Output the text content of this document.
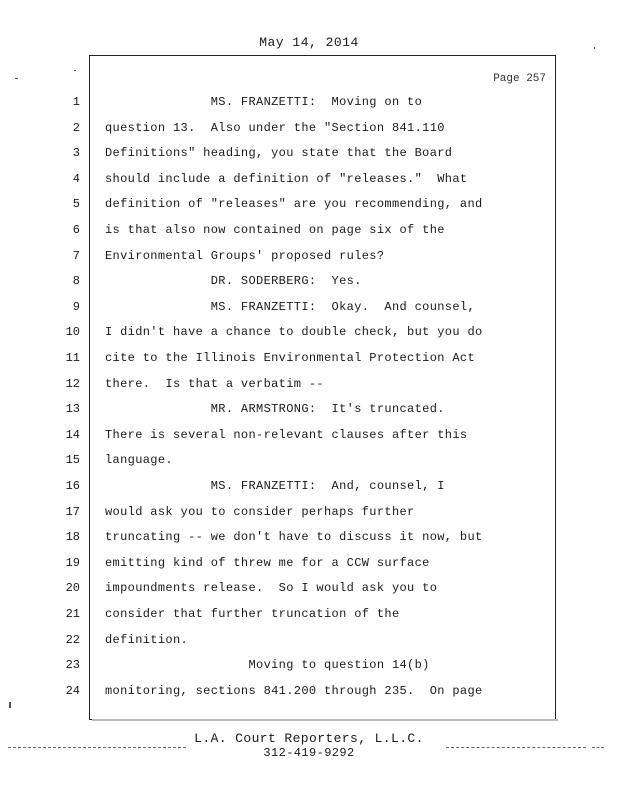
May 14, 2014
Page 257
1 MS. FRANZETTI:  Moving on to
2 question 13.  Also under the "Section 841.110
3 Definitions" heading, you state that the Board
4 should include a definition of "releases."  What
5 definition of "releases" are you recommending, and
6 is that also now contained on page six of the
7 Environmental Groups' proposed rules?
8 DR. SODERBERG:  Yes.
9 MS. FRANZETTI:  Okay.  And counsel,
10 I didn't have a chance to double check, but you do
11 cite to the Illinois Environmental Protection Act
12 there.  Is that a verbatim --
13 MR. ARMSTRONG:  It's truncated.
14 There is several non-relevant clauses after this
15 language.
16 MS. FRANZETTI:  And, counsel, I
17 would ask you to consider perhaps further
18 truncating -- we don't have to discuss it now, but
19 emitting kind of threw me for a CCW surface
20 impoundments release.  So I would ask you to
21 consider that further truncation of the
22 definition.
23 Moving to question 14(b)
24 monitoring, sections 841.200 through 235.  On page
L.A. Court Reporters, L.L.C.
312-419-9292
